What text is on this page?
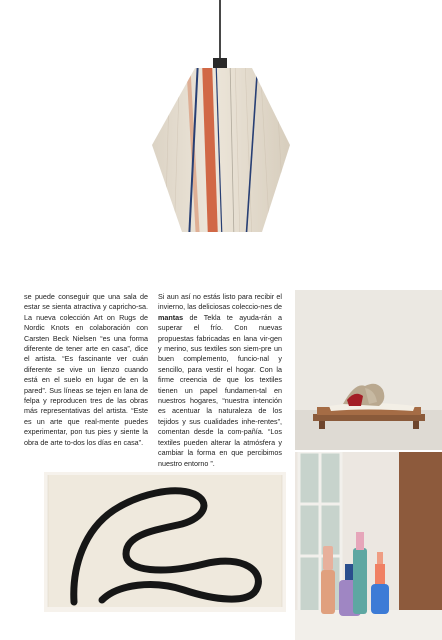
se puede conseguir que una sala de estar se sienta atractiva y capricho-sa. La nueva colección Art on Rugs de Nordic Knots en colaboración con Carsten Beck Nielsen “es una forma diferente de tener arte en casa”, dice el artista. “Es fascinante ver cuán diferente se vive un lienzo cuando está en el suelo en lugar de en la pared”. Sus líneas se tejen en lana de felpa y reproducen tres de las obras más representativas del artista. “Este es un arte que real-mente puedes experimentar, pon tus pies y siente la obra de arte to-dos los días en casa”.
Si aun así no estás listo para recibir el invierno, las deliciosas coleccio-nes de mantas de Tekla te ayuda-rán a superar el frío. Con nuevas propuestas fabricadas en lana vir-gen y merino, sus textiles son siem-pre un buen complemento, funcio-nal y sencillo, para vestir el hogar. Con la firme creencia de que los textiles tienen un papel fundamen-tal en nuestros hogares, “nuestra intención es acentuar la naturaleza de los tejidos y sus cualidades inhe-rentes”, comentan desde la com-pañía. “Los textiles pueden alterar la atmósfera y cambiar la forma en que percibimos nuestro entorno ”.
